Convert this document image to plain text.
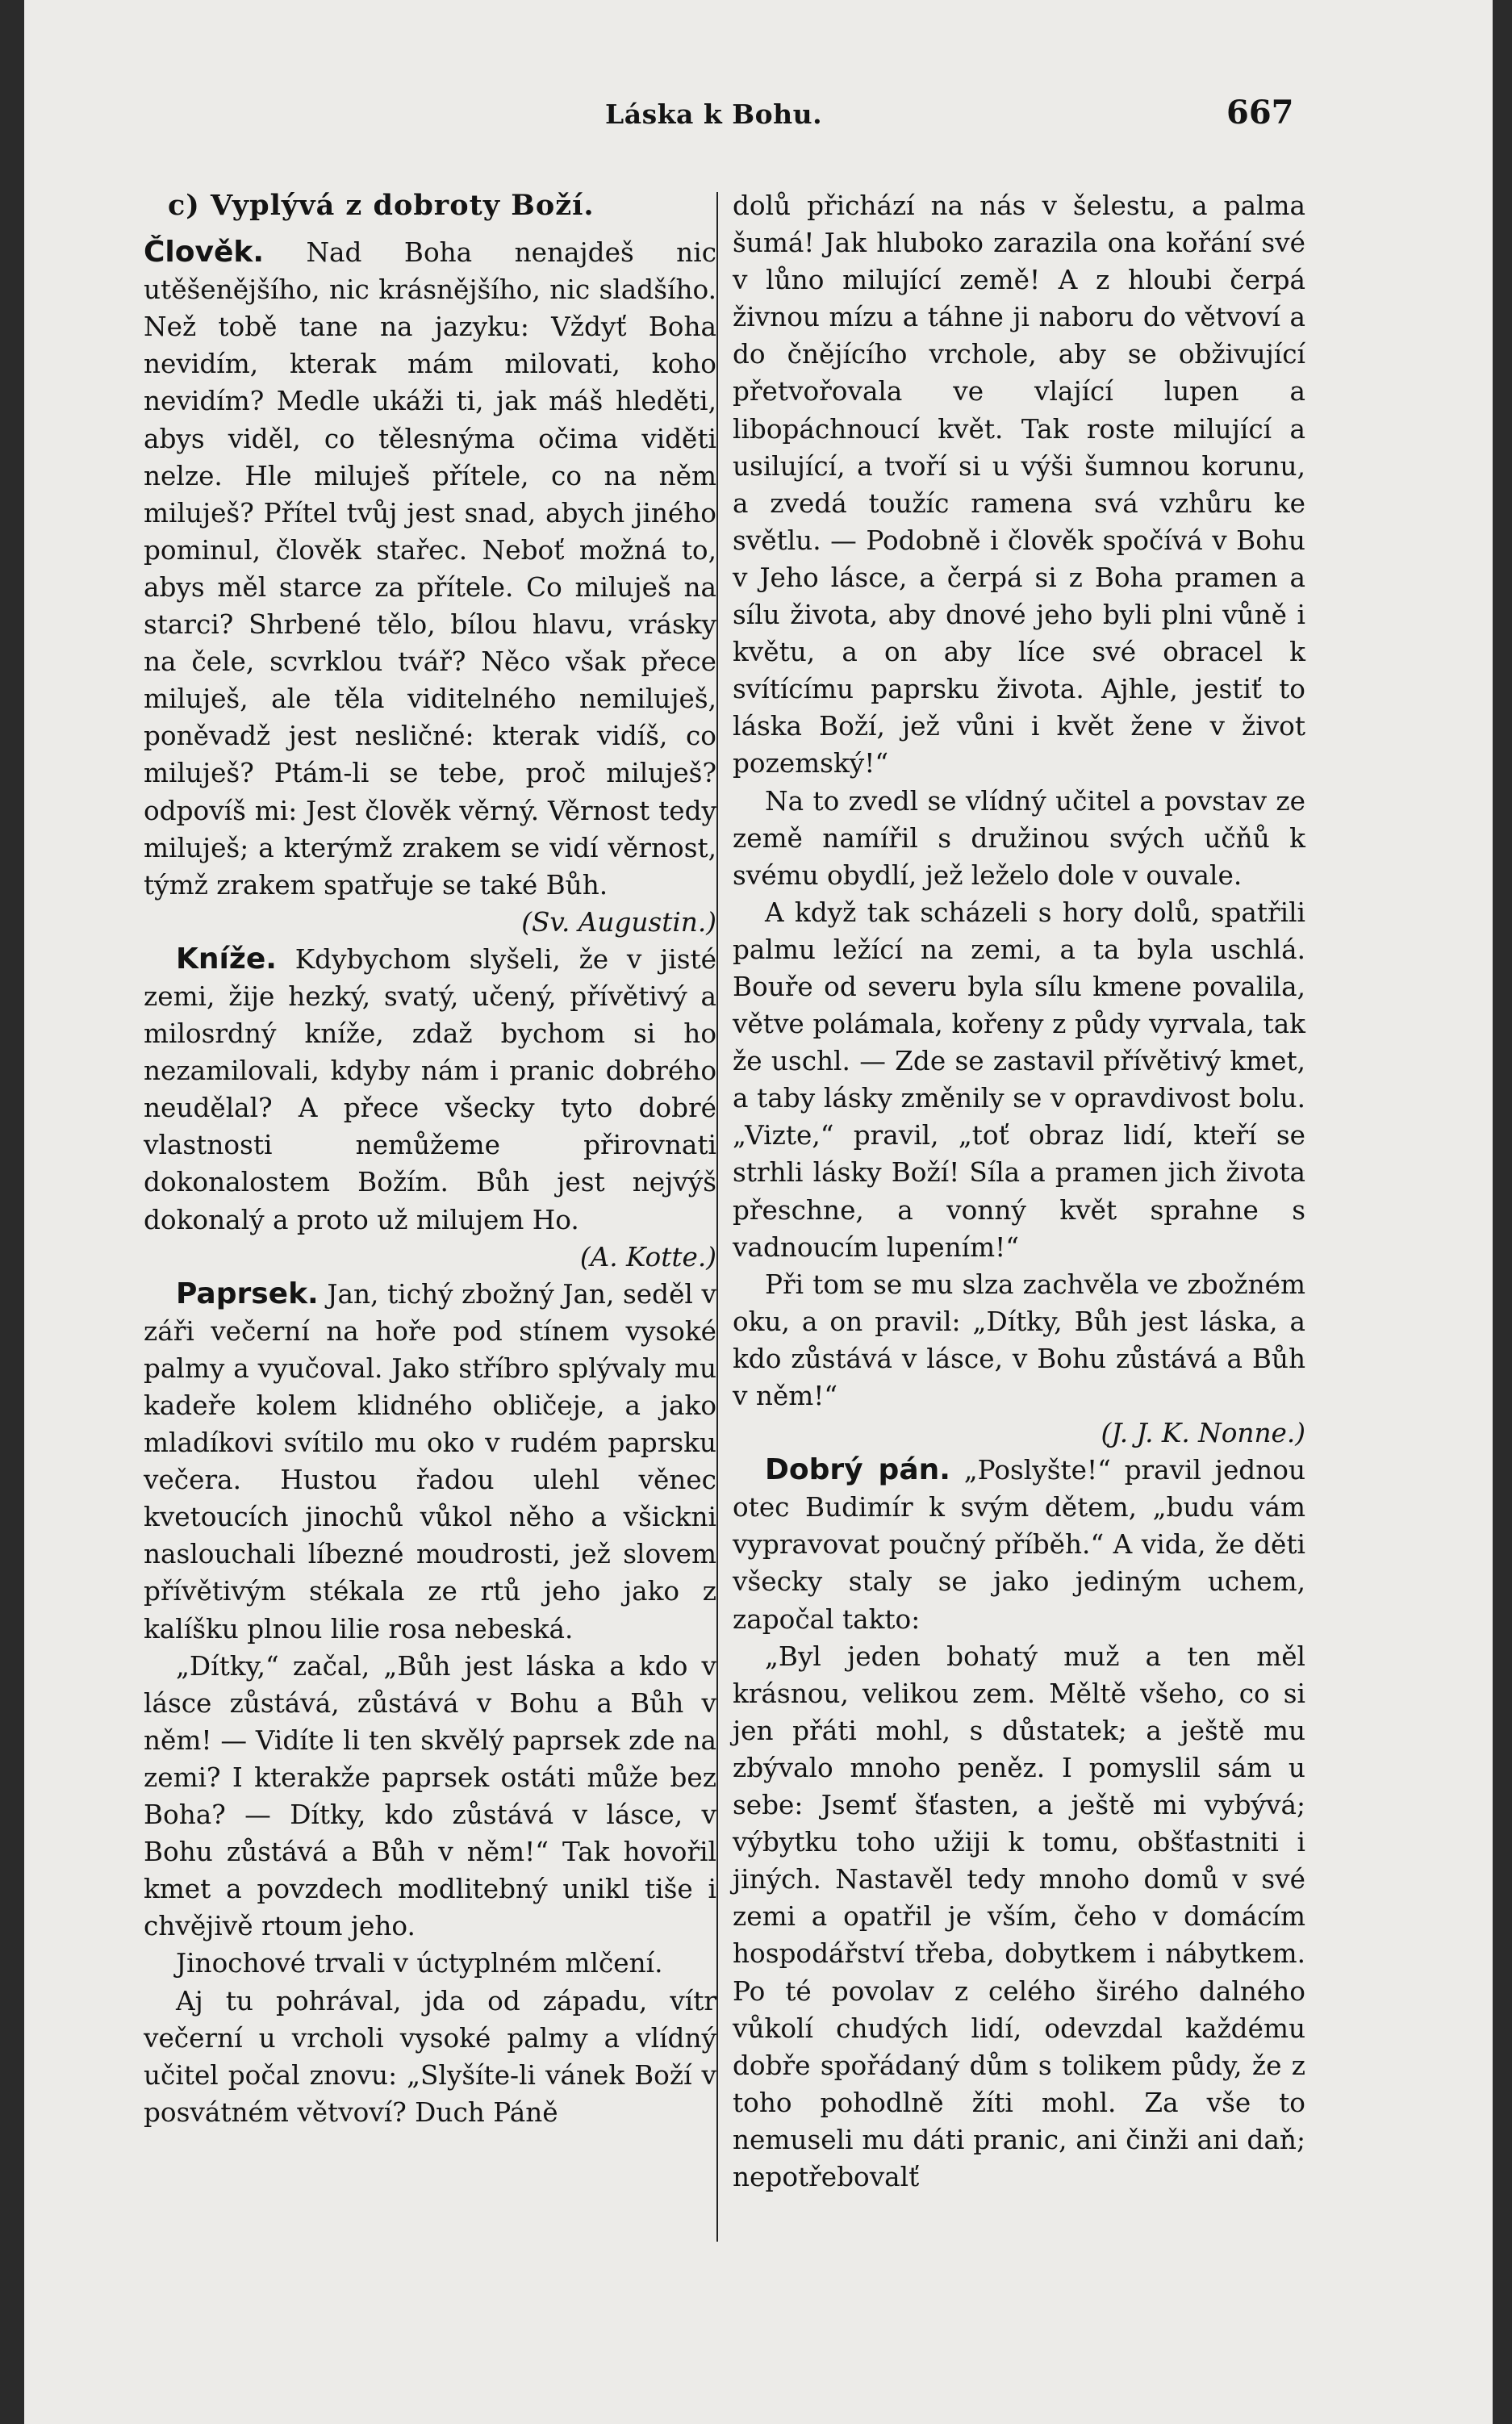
Láska k Bohu.	667
c) Vyplývá z dobroty Boží.

Člověk. Nad Boha nenajdeš nic utěšenějšího, nic krásnějšího, nic sladšího. Než tobě tane na jazyku: Vždyť Boha nevidím, kterak mám milovati, koho nevidím? Medle ukáži ti, jak máš hleděti, abys viděl, co tělesnýma očima viděti nelze. Hle miluješ přítele, co na něm miluješ? Přítel tvůj jest snad, abych jiného pominul, člověk stařec. Neboť možná to, abys měl starce za přítele. Co miluješ na starci? Shrbené tělo, bílou hlavu, vrásky na čele, scvrklou tvář? Něco však přece miluješ, ale těla viditelného nemiluješ, poněvadž jest nesličné: kterak vidíš, co miluješ? Ptám-li se tebe, proč miluješ? odpovíš mi: Jest člověk věrný. Věrnost tedy miluješ; a kterýmž zrakem se vidí věrnost, týmž zrakem spatřuje se také Bůh.

(Sv. Augustin.)

Kníže. Kdybychom slyšeli, že v jisté zemi, žije hezký, svatý, učený, přívětivý a milosrdný kníže, zdaž bychom si ho nezamilovali, kdyby nám i pranic dobrého neudělal? A přece všecky tyto dobré vlastnosti nemůžeme přirovnati dokonalostem Božím. Bůh jest nejvýš dokonalý a proto už milujem Ho.

(A. Kotte.)

Paprsek. Jan, tichý zbožný Jan, seděl v záři večerní na hoře pod stínem vysoké palmy a vyučoval. Jako stříbro splývaly mu kadeře kolem klidného obličeje, a jako mladíkovi svítilo mu oko v rudém paprsku večera. Hustou řadou ulehl věnec kvetoucích jinochů vůkol něho a všickni naslouchali líbezné moudrosti, jež slovem přívětivým stékala ze rtů jeho jako z kalíšku plnou lilie rosa nebeská.

„Dítky,“ začal, „Bůh jest láska a kdo v lásce zůstává, zůstává v Bohu a Bůh v něm! — Vidíte li ten skvělý paprsek zde na zemi? I kterakže paprsek ostáti může bez Boha? — Dítky, kdo zůstává v lásce, v Bohu zůstává a Bůh v něm!“ Tak hovořil kmet a povzdech modlitebný unikl tiše i chvějivě rtoum jeho.

Jinochové trvali v úctyplném mlčení.

Aj tu pohrával, jda od západu, vítr večerní u vrcholi vysoké palmy a vlídný učitel počal znovu: „Slyšíte-li vánek Boží v posvátném větvoví? Duch Páně

dolů přichází na nás v šelestu, a palma šumá! Jak hluboko zarazila ona kořání své v lůno milující země! A z hloubi čerpá živnou mízu a táhne ji naboru do větvoví a do čnějícího vrchole, aby se obživující přetvořovala ve vlající lupen a libopáchnoucí květ. Tak roste milující a usilující, a tvoří si u výši šumnou korunu, a zvedá toužíc ramena svá vzhůru ke světlu. — Podobně i člověk spočívá v Bohu v Jeho lásce, a čerpá si z Boha pramen a sílu života, aby dnové jeho byli plni vůně i květu, a on aby líce své obracel k svítícímu paprsku života. Ajhle, jestiť to láska Boží, jež vůni i květ žene v život pozemský!“

Na to zvedl se vlídný učitel a povstav ze země namířil s družinou svých učňů k svému obydlí, jež leželo dole v ouvale.

A když tak scházeli s hory dolů, spatřili palmu ležící na zemi, a ta byla uschlá. Bouře od severu byla sílu kmene povalila, větve polámala, kořeny z půdy vyrvala, tak že uschl. — Zde se zastavil přívětivý kmet, a taby lásky změnily se v opravdivost bolu. „Vizte,“ pravil, „toť obraz lidí, kteří se strhli lásky Boží! Síla a pramen jich života přeschne, a vonný květ sprahne s vadnoucím lupením!“

Při tom se mu slza zachvěla ve zbožném oku, a on pravil: „Dítky, Bůh jest láska, a kdo zůstává v lásce, v Bohu zůstává a Bůh v něm!“

(J. J. K. Nonne.)

Dobrý pán. „Poslyšte!“ pravil jednou otec Budimír k svým dětem, „budu vám vypravovat poučný příběh.“ A vida, že děti všecky staly se jako jediným uchem, započal takto:

„Byl jeden bohatý muž a ten měl krásnou, velikou zem. Měltě všeho, co si jen přáti mohl, s důstatek; a ještě mu zbývalo mnoho peněz. I pomyslil sám u sebe: Jsemť šťasten, a ještě mi vybývá; výbytku toho užiji k tomu, obšťastniti i jiných. Nastavěl tedy mnoho domů v své zemi a opatřil je vším, čeho v domácím hospodářství třeba, dobytkem i nábytkem. Po té povolav z celého širého dalného vůkolí chudých lidí, odevzdal každému dobře spořádaný dům s tolikem půdy, že z toho pohodlně žíti mohl. Za vše to nemuseli mu dáti pranic, ani činži ani daň; nepotřebovalť
